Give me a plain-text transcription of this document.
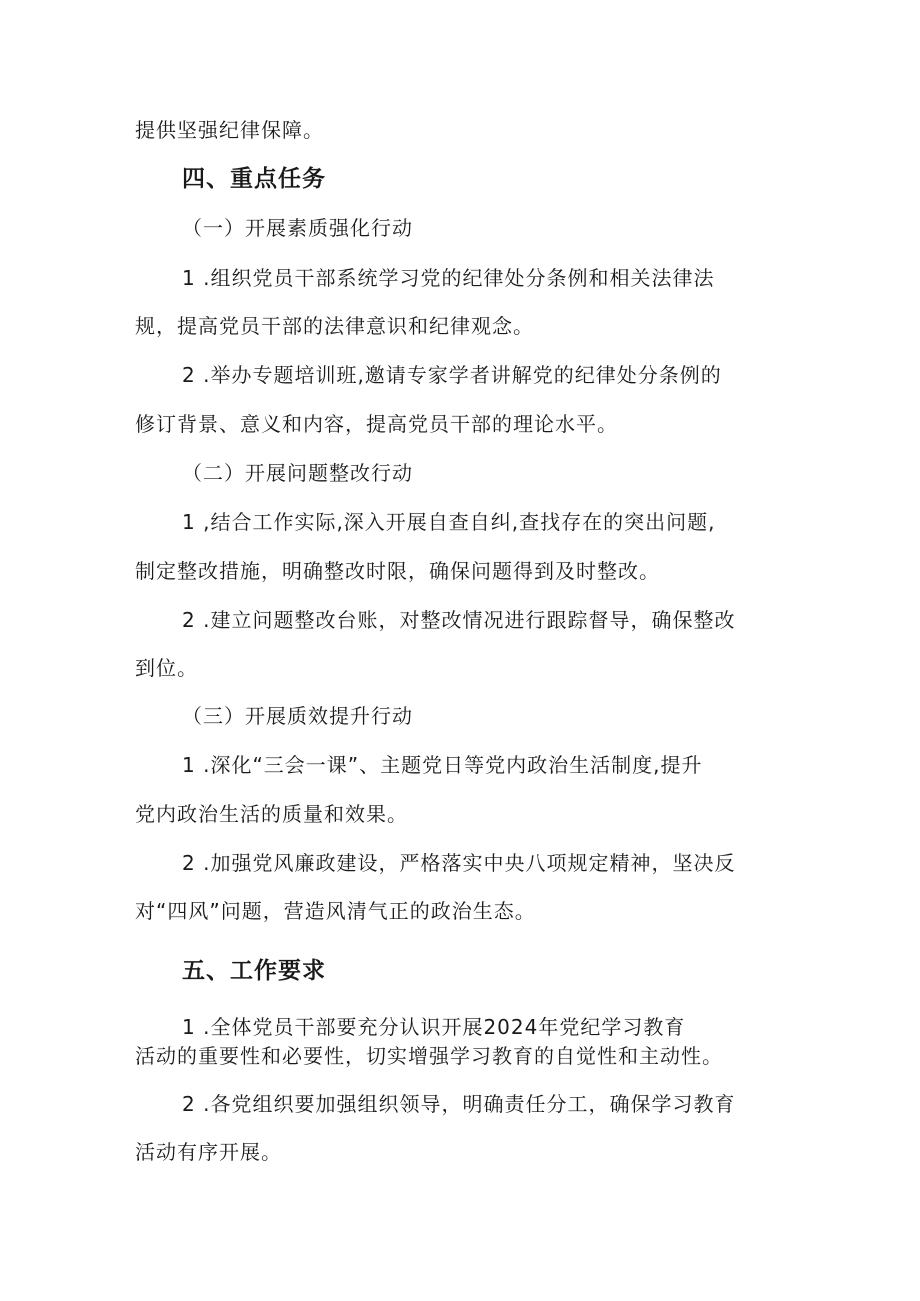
提供坚强纪律保障。
四、重点任务
（一）开展素质强化行动
1 .组织党员干部系统学习党的纪律处分条例和相关法律法
规，提高党员干部的法律意识和纪律观念。
2 .举办专题培训班,邀请专家学者讲解党的纪律处分条例的
修订背景、意义和内容，提高党员干部的理论水平。
（二）开展问题整改行动
1 ,结合工作实际,深入开展自查自纠,查找存在的突出问题,
制定整改措施，明确整改时限，确保问题得到及时整改。
2 .建立问题整改台账，对整改情况进行跟踪督导，确保整改
到位。
（三）开展质效提升行动
1 .深化“三会一课”、主题党日等党内政治生活制度,提升
党内政治生活的质量和效果。
2 .加强党风廉政建设，严格落实中央八项规定精神，坚决反
对“四风”问题，营造风清气正的政治生态。
五、工作要求
1 .全体党员干部要充分认识开展2024年党纪学习教育
活动的重要性和必要性，切实增强学习教育的自觉性和主动性。
2 .各党组织要加强组织领导，明确责任分工，确保学习教育
活动有序开展。
